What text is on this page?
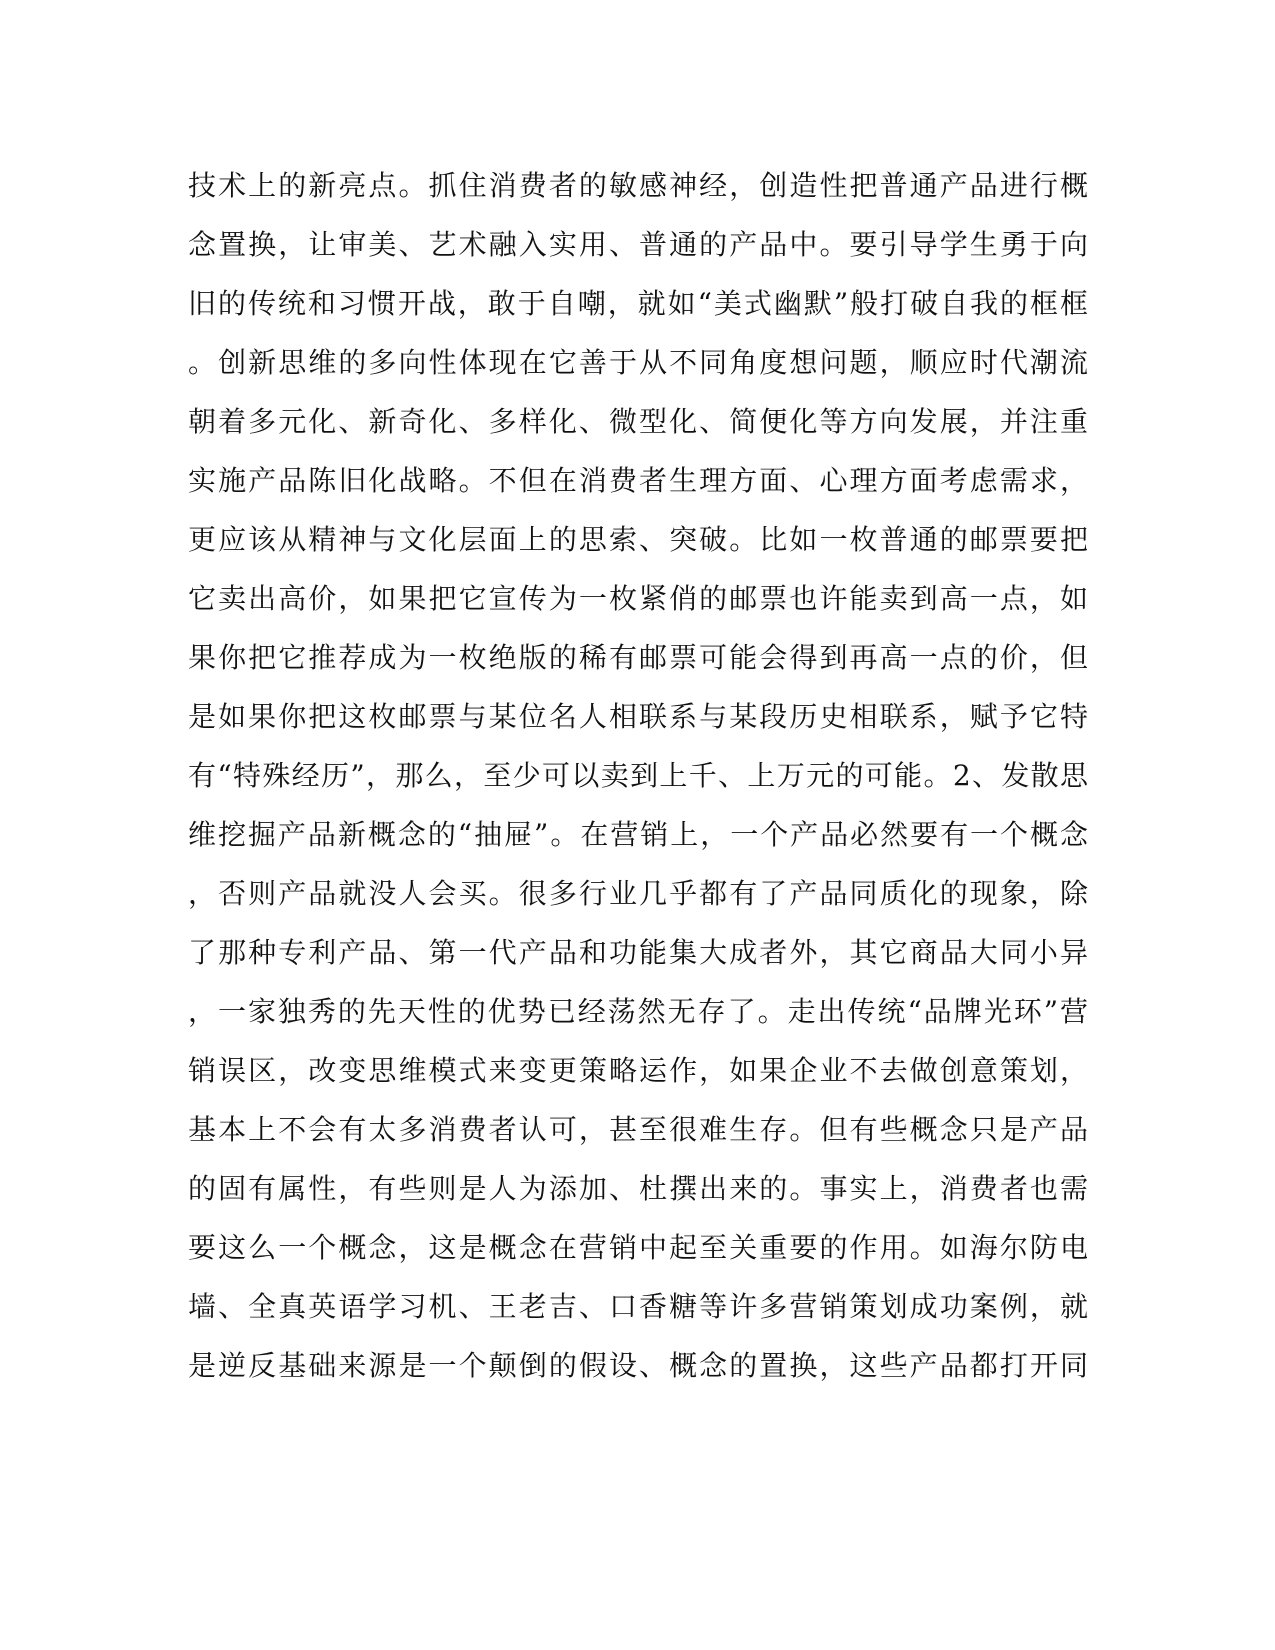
技术上的新亮点。抓住消费者的敏感神经，创造性把普通产品进行概
念置换，让审美、艺术融入实用、普通的产品中。要引导学生勇于向
旧的传统和习惯开战，敢于自嘲，就如“美式幽默”般打破自我的框框
。创新思维的多向性体现在它善于从不同角度想问题，顺应时代潮流
朝着多元化、新奇化、多样化、微型化、简便化等方向发展，并注重
实施产品陈旧化战略。不但在消费者生理方面、心理方面考虑需求，
更应该从精神与文化层面上的思索、突破。比如一枚普通的邮票要把
它卖出高价，如果把它宣传为一枚紧俏的邮票也许能卖到高一点，如
果你把它推荐成为一枚绝版的稀有邮票可能会得到再高一点的价，但
是如果你把这枚邮票与某位名人相联系与某段历史相联系，赋予它特
有“特殊经历”，那么，至少可以卖到上千、上万元的可能。2、发散思
维挖掘产品新概念的“抽屉”。在营销上，一个产品必然要有一个概念
，否则产品就没人会买。很多行业几乎都有了产品同质化的现象，除
了那种专利产品、第一代产品和功能集大成者外，其它商品大同小异
，一家独秀的先天性的优势已经荡然无存了。走出传统“品牌光环”营
销误区，改变思维模式来变更策略运作，如果企业不去做创意策划，
基本上不会有太多消费者认可，甚至很难生存。但有些概念只是产品
的固有属性，有些则是人为添加、杜撰出来的。事实上，消费者也需
要这么一个概念，这是概念在营销中起至关重要的作用。如海尔防电
墙、全真英语学习机、王老吉、口香糖等许多营销策划成功案例，就
是逆反基础来源是一个颠倒的假设、概念的置换，这些产品都打开同
